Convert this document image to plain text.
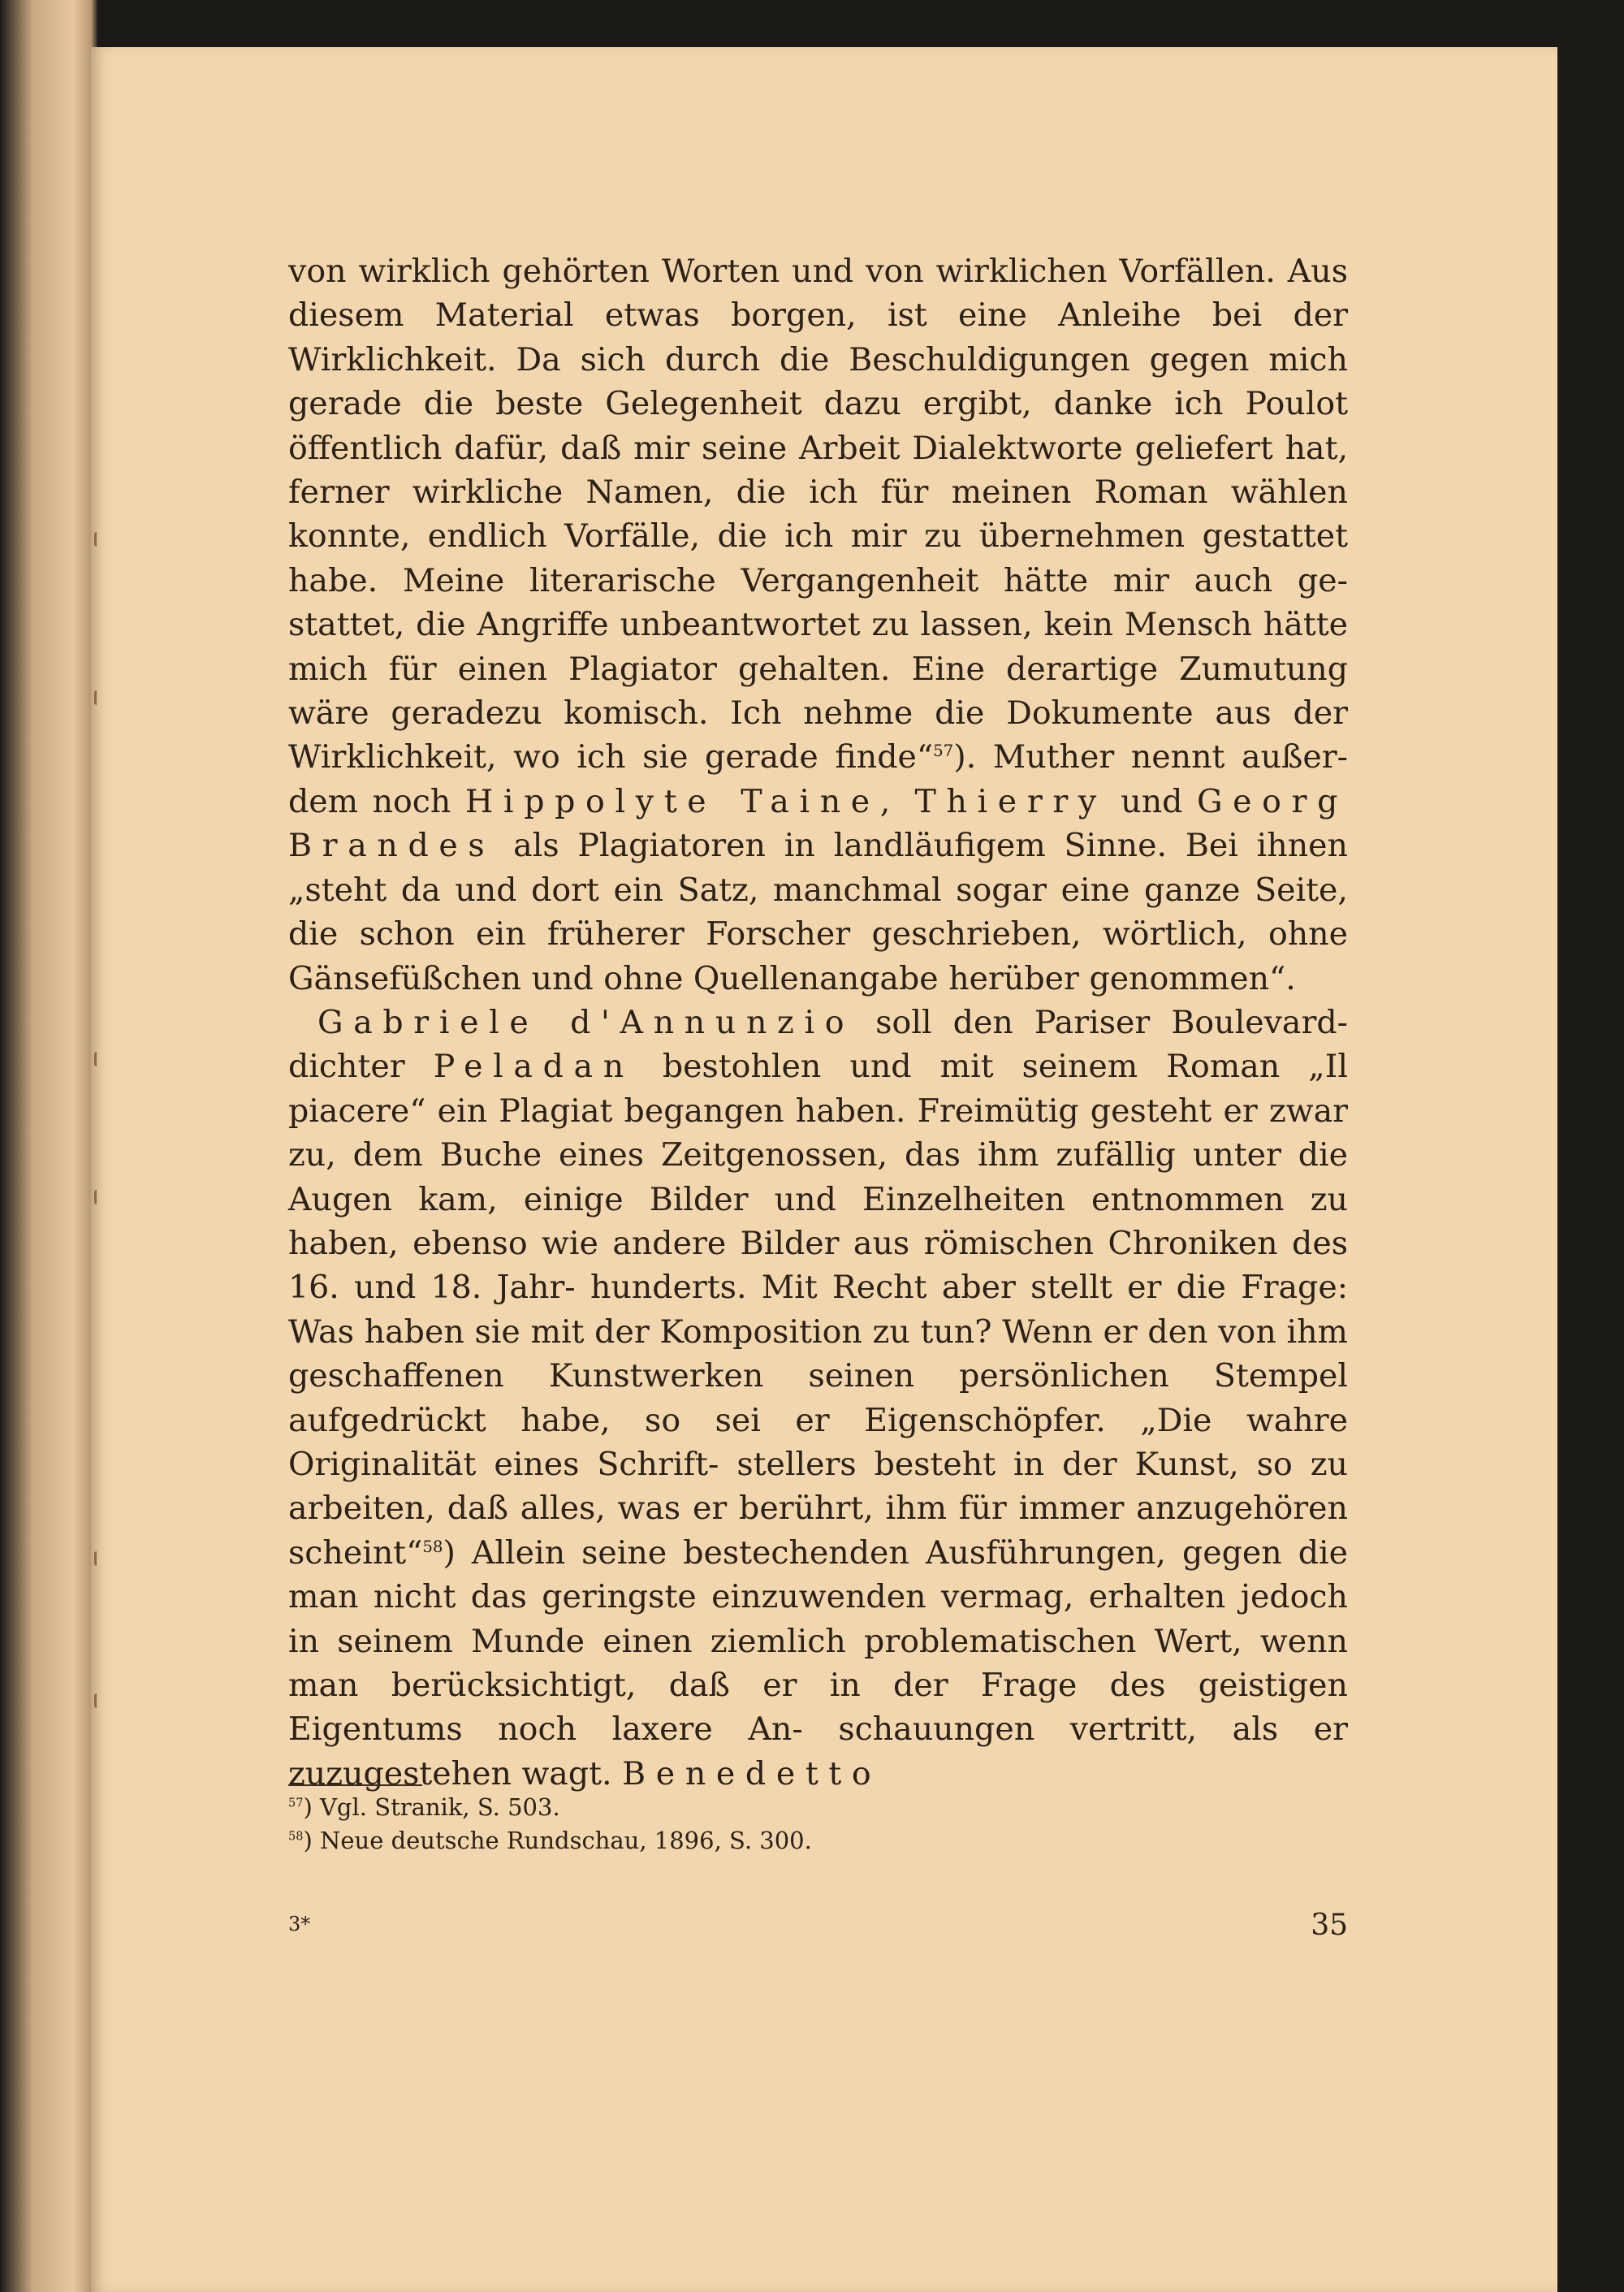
von wirklich gehörten Worten und von wirklichen Vorfällen. Aus diesem Material etwas borgen, ist eine Anleihe bei der Wirklichkeit. Da sich durch die Beschuldigungen gegen mich gerade die beste Gelegenheit dazu ergibt, danke ich Poulot öffentlich dafür, daß mir seine Arbeit Dialektworte geliefert hat, ferner wirkliche Namen, die ich für meinen Roman wählen konnte, endlich Vorfälle, die ich mir zu übernehmen gestattet habe. Meine literarische Vergangenheit hätte mir auch ge- stattet, die Angriffe unbeantwortet zu lassen, kein Mensch hätte mich für einen Plagiator gehalten. Eine derartige Zumutung wäre geradezu komisch. Ich nehme die Dokumente aus der Wirklichkeit, wo ich sie gerade finde“$^{57}$). Muther nennt außer- dem noch Hippolyte Taine, Thierry und Georg Brandes als Plagiatoren in landläufigem Sinne. Bei ihnen „steht da und dort ein Satz, manchmal sogar eine ganze Seite, die schon ein früherer Forscher geschrieben, wörtlich, ohne Gänsefüßchen und ohne Quellenangabe herüber genommen“.

Gabriele d'Annunzio soll den Pariser Boulevard- dichter Peladan bestohlen und mit seinem Roman „Il piacere“ ein Plagiat begangen haben. Freimütig gesteht er zwar zu, dem Buche eines Zeitgenossen, das ihm zufällig unter die Augen kam, einige Bilder und Einzelheiten entnommen zu haben, ebenso wie andere Bilder aus römischen Chroniken des 16. und 18. Jahr- hunderts. Mit Recht aber stellt er die Frage: Was haben sie mit der Komposition zu tun? Wenn er den von ihm geschaffenen Kunstwerken seinen persönlichen Stempel aufgedrückt habe, so sei er Eigenschöpfer. „Die wahre Originalität eines Schrift- stellers besteht in der Kunst, so zu arbeiten, daß alles, was er berührt, ihm für immer anzugehören scheint“$^{58}$) Allein seine bestechenden Ausführungen, gegen die man nicht das geringste einzuwenden vermag, erhalten jedoch in seinem Munde einen ziemlich problematischen Wert, wenn man berücksichtigt, daß er in der Frage des geistigen Eigentums noch laxere An- schauungen vertritt, als er zuzugestehen wagt. Benedetto

$^{57}$) Vgl. Stranik, S. 503.

$^{58}$) Neue deutsche Rundschau, 1896, S. 300.

3*	35
